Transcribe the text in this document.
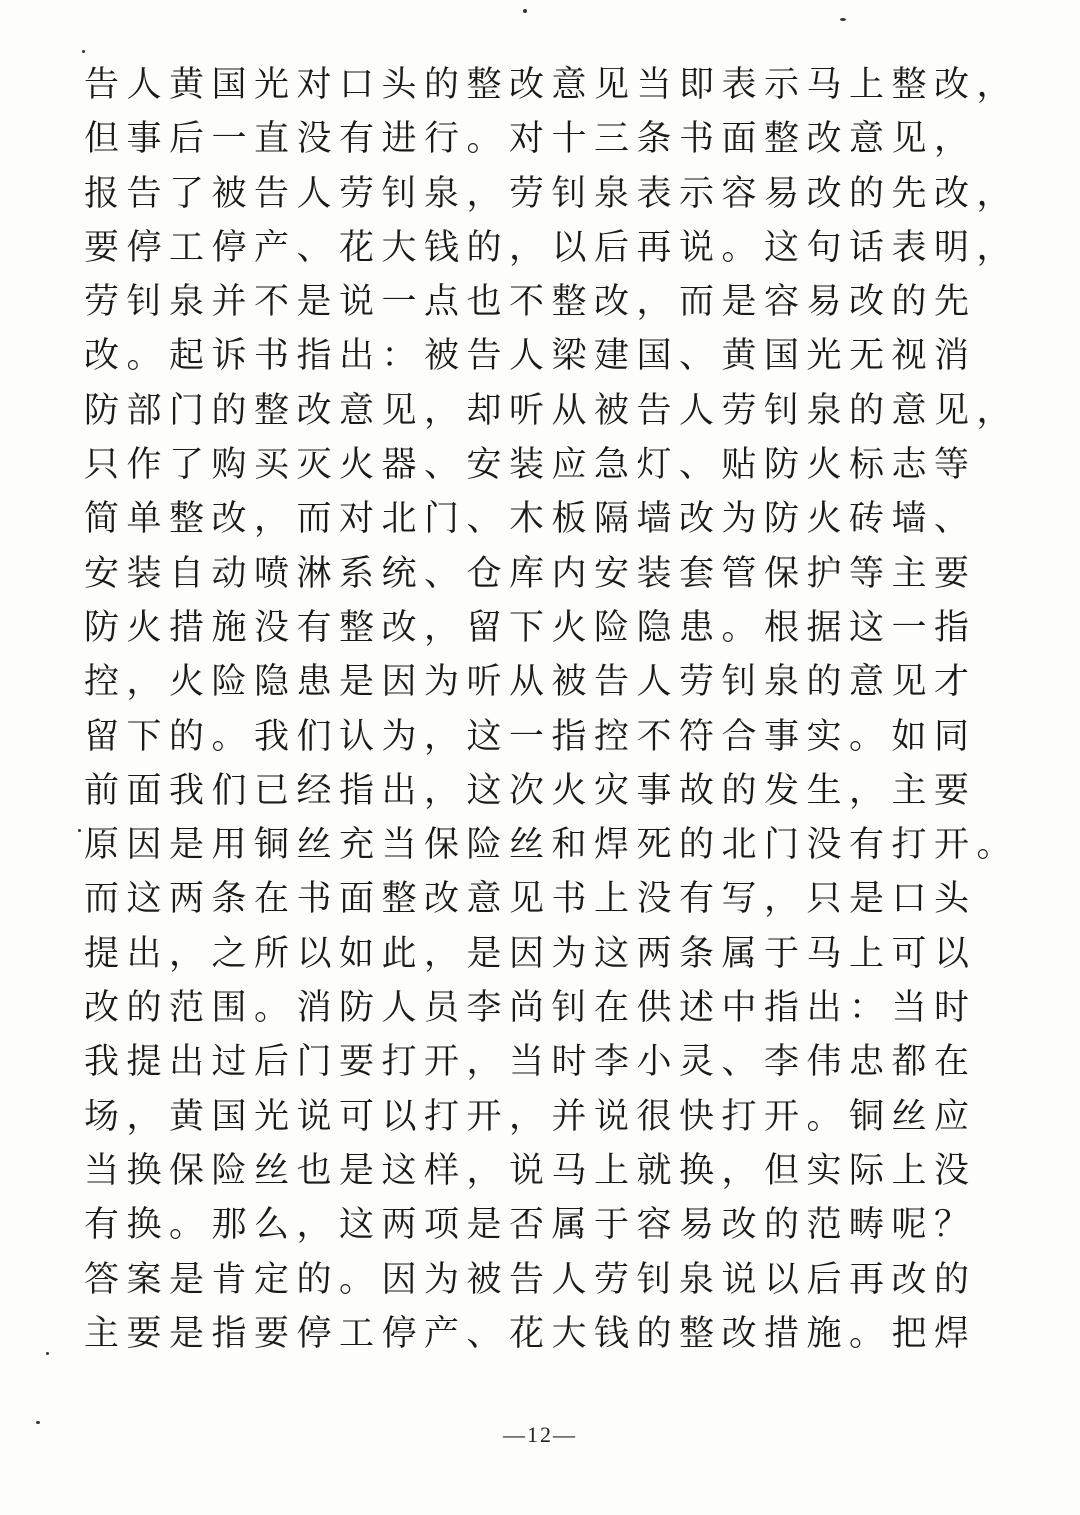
告人黄国光对口头的整改意见当即表示马上整改，
但事后一直没有进行。对十三条书面整改意见，
报告了被告人劳钊泉，劳钊泉表示容易改的先改，
要停工停产、花大钱的，以后再说。这句话表明，
劳钊泉并不是说一点也不整改，而是容易改的先
改。起诉书指出：被告人梁建国、黄国光无视消
防部门的整改意见，却听从被告人劳钊泉的意见，
只作了购买灭火器、安装应急灯、贴防火标志等
简单整改，而对北门、木板隔墙改为防火砖墙、
安装自动喷淋系统、仓库内安装套管保护等主要
防火措施没有整改，留下火险隐患。根据这一指
控，火险隐患是因为听从被告人劳钊泉的意见才
留下的。我们认为，这一指控不符合事实。如同
前面我们已经指出，这次火灾事故的发生，主要
原因是用铜丝充当保险丝和焊死的北门没有打开。
而这两条在书面整改意见书上没有写，只是口头
提出，之所以如此，是因为这两条属于马上可以
改的范围。消防人员李尚钊在供述中指出：当时
我提出过后门要打开，当时李小灵、李伟忠都在
场，黄国光说可以打开，并说很快打开。铜丝应
当换保险丝也是这样，说马上就换，但实际上没
有换。那么，这两项是否属于容易改的范畴呢？
答案是肯定的。因为被告人劳钊泉说以后再改的
主要是指要停工停产、花大钱的整改措施。把焊
—12—
